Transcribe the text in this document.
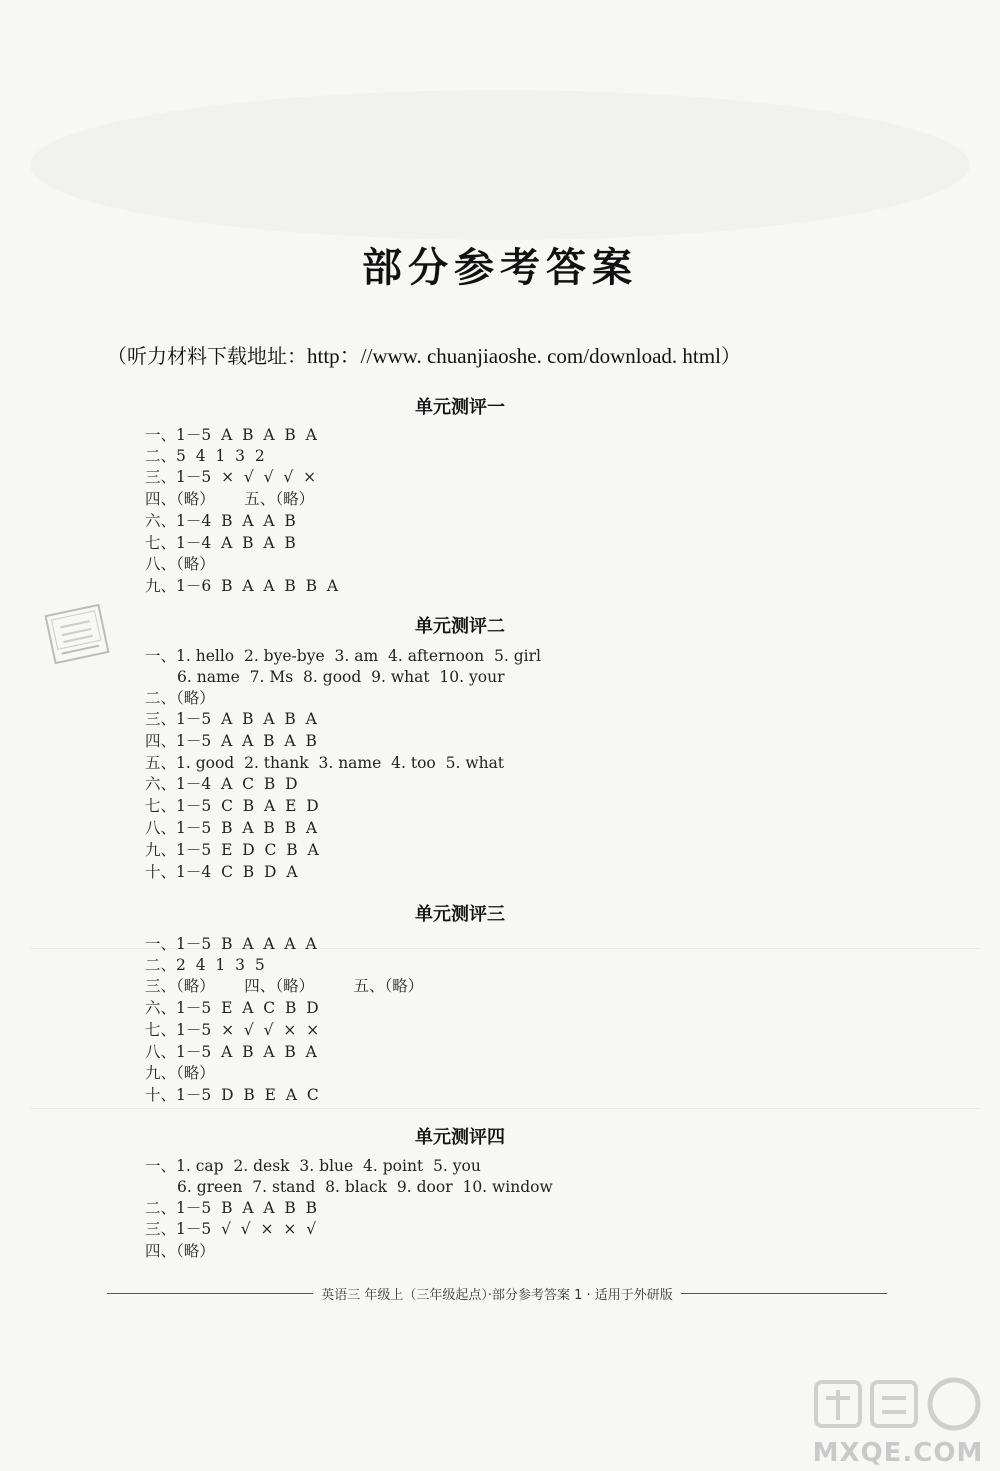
部分参考答案
（听力材料下载地址：http：//www. chuanjiaoshe. com/download. html）
单元测评一
一、1－5  A  B  A  B  A
二、5  4  1  3  2
三、1－5  ×  √  √  √  ×
四、（略）      五、（略）
六、1－4  B  A  A  B
七、1－4  A  B  A  B
八、（略）
九、1－6  B  A  A  B  B  A
单元测评二
一、1. hello  2. bye-bye  3. am  4. afternoon  5. girl
6. name  7. Ms  8. good  9. what  10. your
二、（略）
三、1－5  A  B  A  B  A
四、1－5  A  A  B  A  B
五、1. good  2. thank  3. name  4. too  5. what
六、1－4  A  C  B  D
七、1－5  C  B  A  E  D
八、1－5  B  A  B  B  A
九、1－5  E  D  C  B  A
十、1－4  C  B  D  A
单元测评三
一、1－5  B  A  A  A  A
二、2  4  1  3  5
三、（略）      四、（略）        五、（略）
六、1－5  E  A  C  B  D
七、1－5  ×  √  √  ×  ×
八、1－5  A  B  A  B  A
九、（略）
十、1－5  D  B  E  A  C
单元测评四
一、1. cap  2. desk  3. blue  4. point  5. you
6. green  7. stand  8. black  9. door  10. window
二、1－5  B  A  A  B  B
三、1－5  √  √  ×  ×  √
四、（略）
英语三 年级上（三年级起点）·部分参考答案 1 · 适用于外研版
MXQE.COM
